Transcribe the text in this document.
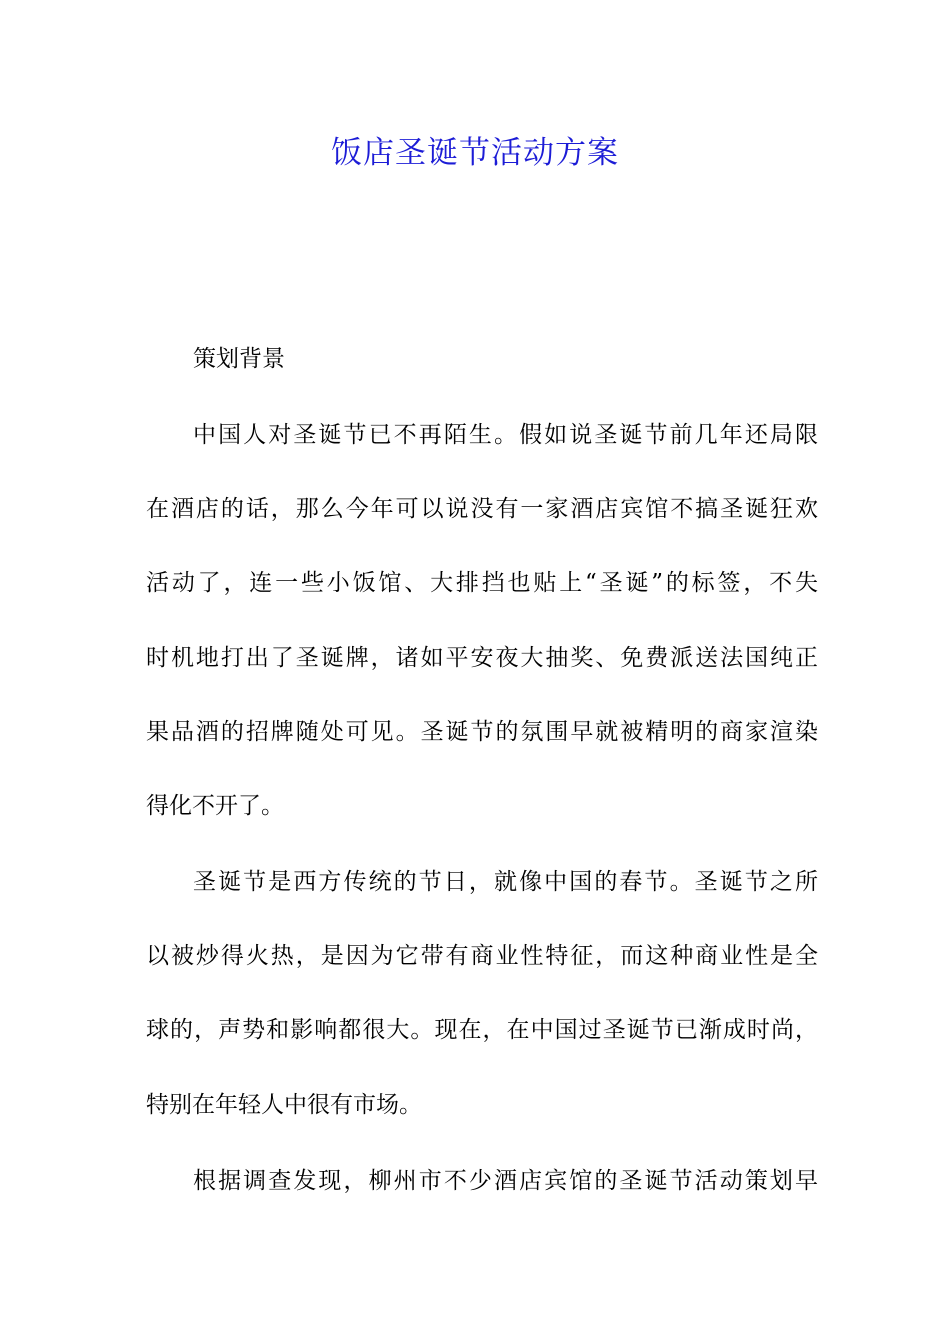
饭店圣诞节活动方案
策划背景
中国人对圣诞节已不再陌生。假如说圣诞节前几年还局限
在酒店的话，那么今年可以说没有一家酒店宾馆不搞圣诞狂欢
活动了，连一些小饭馆、大排挡也贴上“圣诞”的标签，不失
时机地打出了圣诞牌，诸如平安夜大抽奖、免费派送法国纯正
果品酒的招牌随处可见。圣诞节的氛围早就被精明的商家渲染
得化不开了。
圣诞节是西方传统的节日，就像中国的春节。圣诞节之所
以被炒得火热，是因为它带有商业性特征，而这种商业性是全
球的，声势和影响都很大。现在，在中国过圣诞节已渐成时尚，
特别在年轻人中很有市场。
根据调查发现，柳州市不少酒店宾馆的圣诞节活动策划早
